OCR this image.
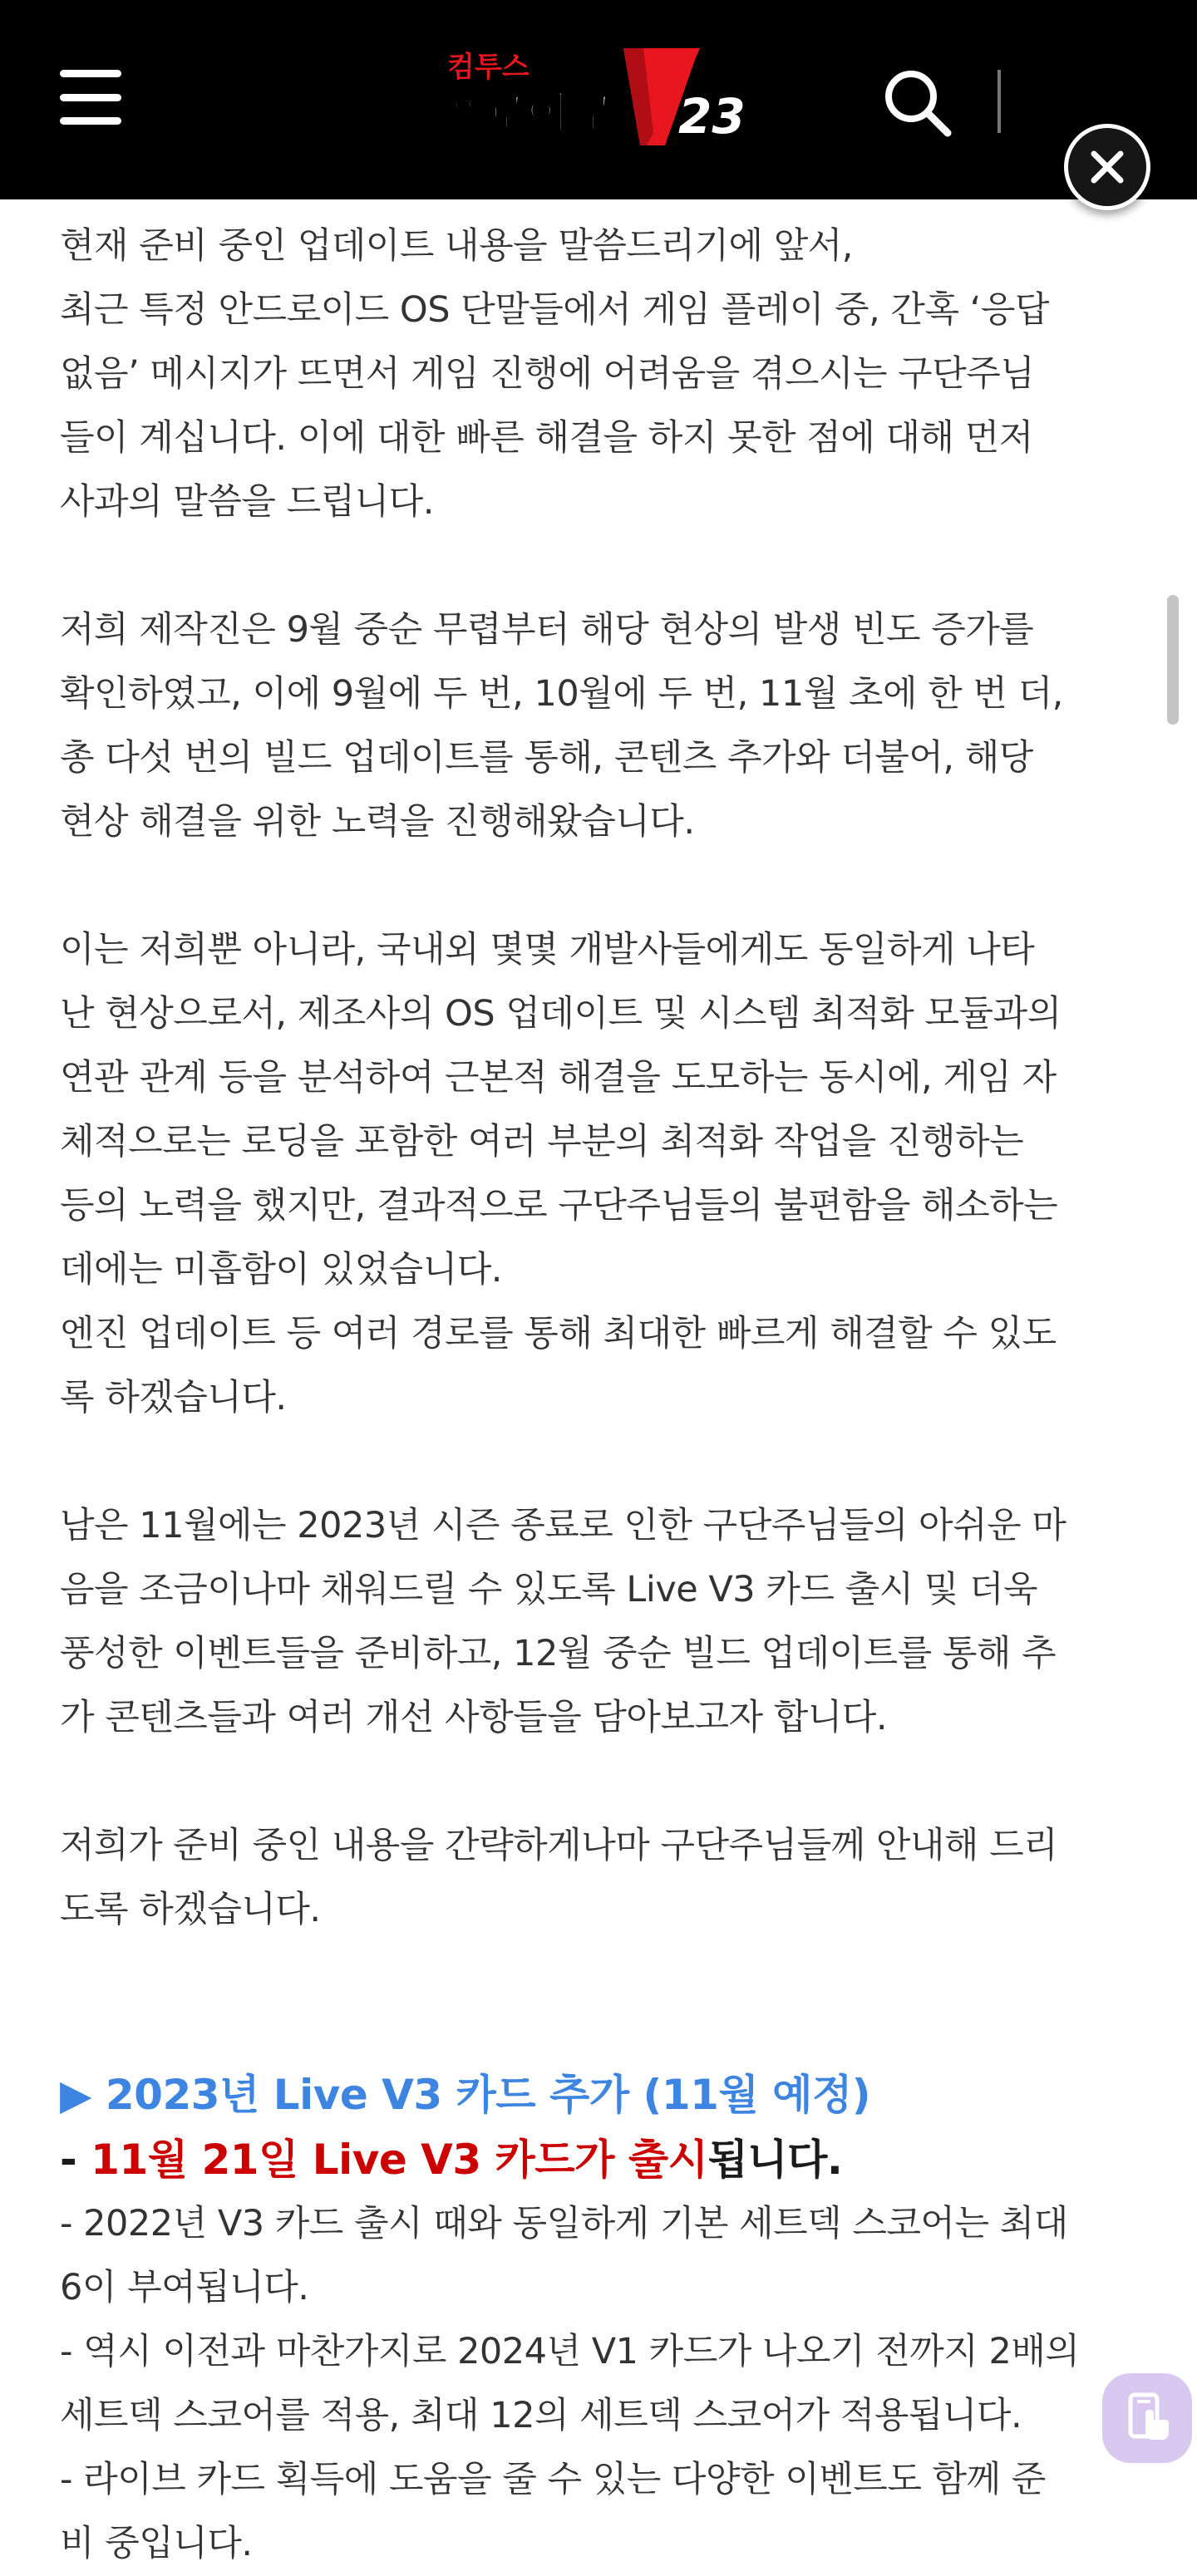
컴투스
프로야구 23

현재 준비 중인 업데이트 내용을 말씀드리기에 앞서,

최근 특정 안드로이드 OS 단말들에서 게임 플레이 중, 간혹 ‘응답

없음’ 메시지가 뜨면서 게임 진행에 어려움을 겪으시는 구단주님

들이 계십니다. 이에 대한 빠른 해결을 하지 못한 점에 대해 먼저

사과의 말씀을 드립니다.

저희 제작진은 9월 중순 무렵부터 해당 현상의 발생 빈도 증가를

확인하였고, 이에 9월에 두 번, 10월에 두 번, 11월 초에 한 번 더,

총 다섯 번의 빌드 업데이트를 통해, 콘텐츠 추가와 더불어, 해당

현상 해결을 위한 노력을 진행해왔습니다.

이는 저희뿐 아니라, 국내외 몇몇 개발사들에게도 동일하게 나타

난 현상으로서, 제조사의 OS 업데이트 및 시스템 최적화 모듈과의

연관 관계 등을 분석하여 근본적 해결을 도모하는 동시에, 게임 자

체적으로는 로딩을 포함한 여러 부분의 최적화 작업을 진행하는

등의 노력을 했지만, 결과적으로 구단주님들의 불편함을 해소하는

데에는 미흡함이 있었습니다.

엔진 업데이트 등 여러 경로를 통해 최대한 빠르게 해결할 수 있도

록 하겠습니다.

남은 11월에는 2023년 시즌 종료로 인한 구단주님들의 아쉬운 마

음을 조금이나마 채워드릴 수 있도록 Live V3 카드 출시 및 더욱

풍성한 이벤트들을 준비하고, 12월 중순 빌드 업데이트를 통해 추

가 콘텐츠들과 여러 개선 사항들을 담아보고자 합니다.

저희가 준비 중인 내용을 간략하게나마 구단주님들께 안내해 드리

도록 하겠습니다.

▶ 2023년 Live V3 카드 추가 (11월 예정)

- 11월 21일 Live V3 카드가 출시됩니다.

- 2022년 V3 카드 출시 때와 동일하게 기본 세트덱 스코어는 최대

6이 부여됩니다.

- 역시 이전과 마찬가지로 2024년 V1 카드가 나오기 전까지 2배의

세트덱 스코어를 적용, 최대 12의 세트덱 스코어가 적용됩니다.

- 라이브 카드 획득에 도움을 줄 수 있는 다양한 이벤트도 함께 준

비 중입니다.
